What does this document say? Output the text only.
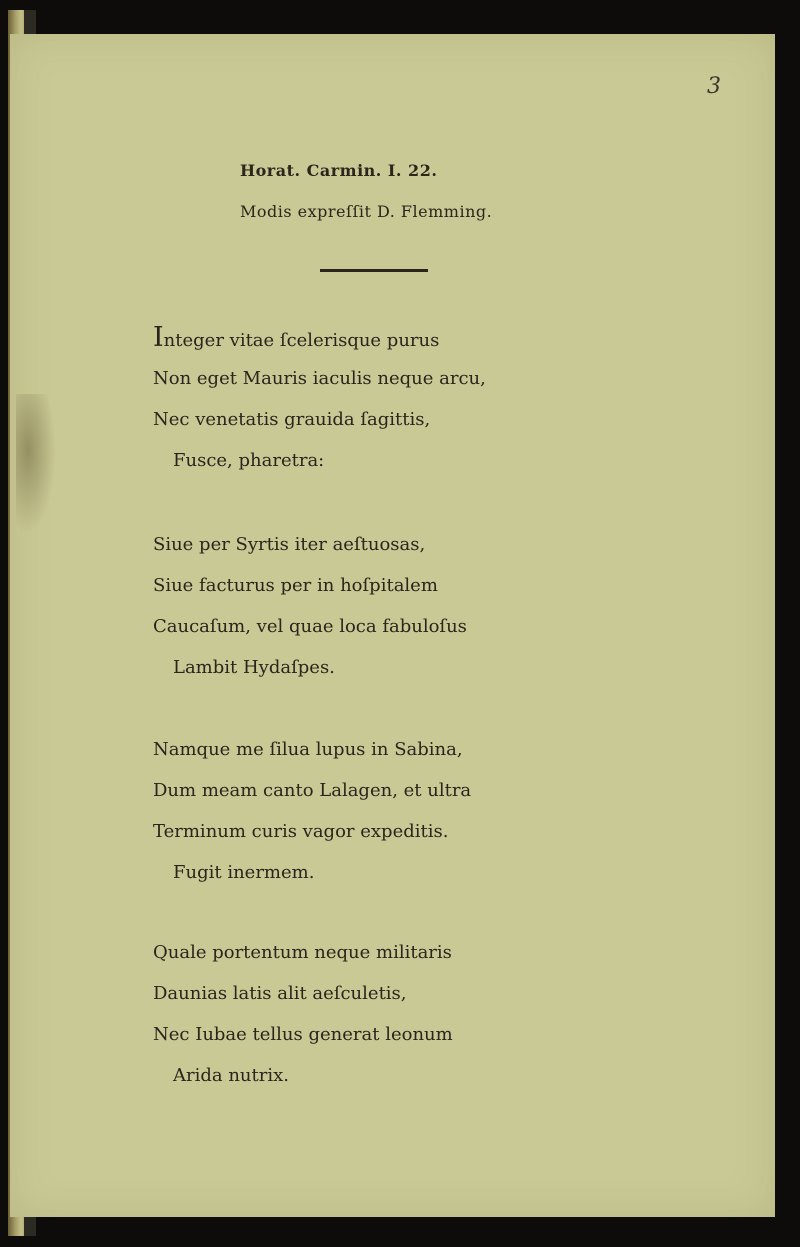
3
Horat. Carmin. I. 22.
Modis expreſſit D. Flemming.
Integer vitae ſcelerisque purus
Non eget Mauris iaculis neque arcu,
Nec venetatis grauida ſagittis,
Fusce, pharetra:
Siue per Syrtis iter aeſtuosas,
Siue facturus per in hoſpitalem
Caucaſum, vel quae loca fabuloſus
Lambit Hydaſpes.
Namque me ſilua lupus in Sabina,
Dum meam canto Lalagen, et ultra
Terminum curis vagor expeditis.
Fugit inermem.
Quale portentum neque militaris
Daunias latis alit aeſculetis,
Nec Iubae tellus generat leonum
Arida nutrix.
